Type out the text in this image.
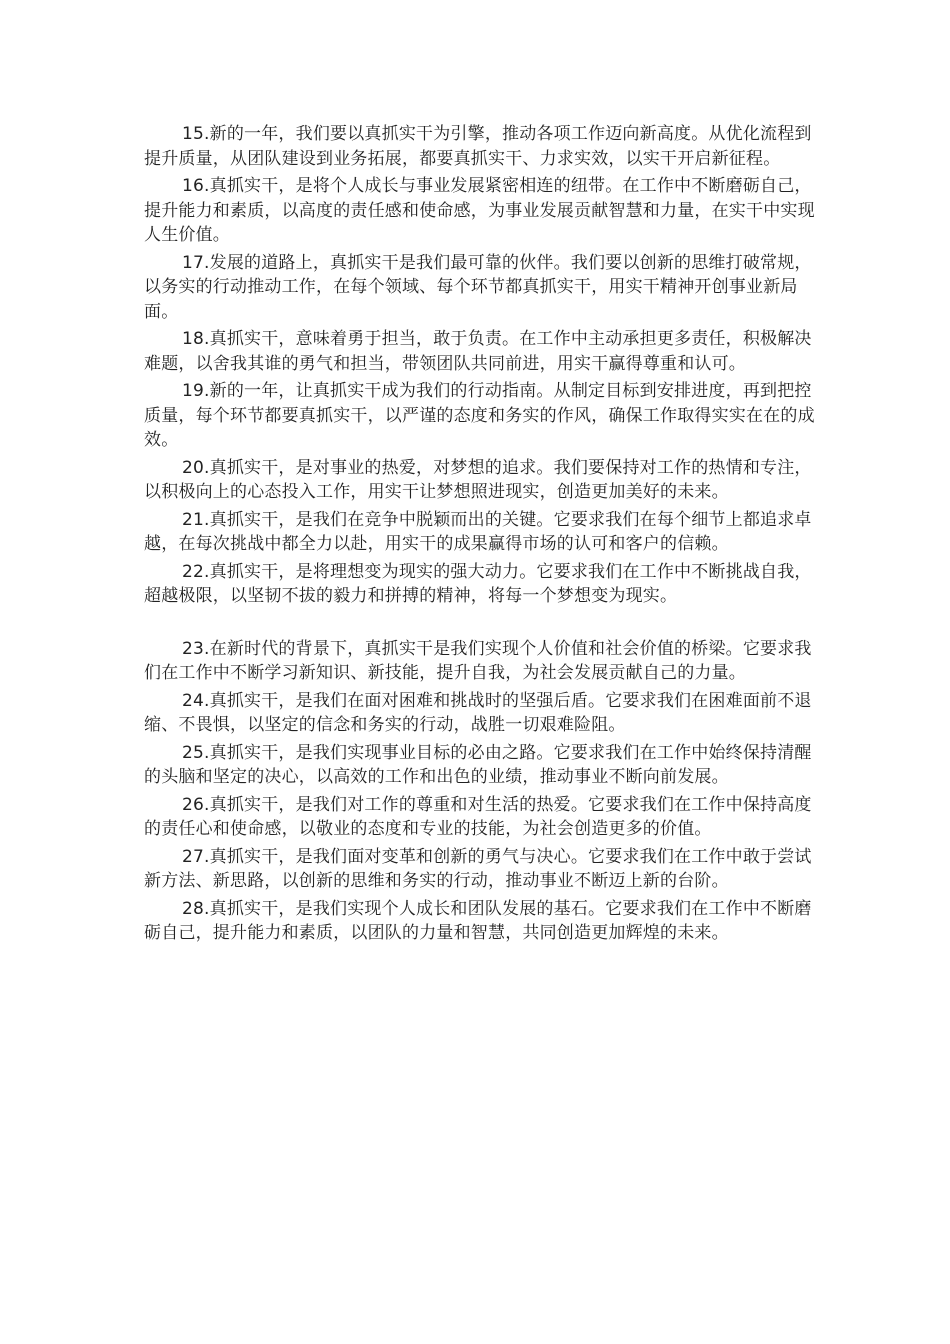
15.新的一年，我们要以真抓实干为引擎，推动各项工作迈向新高度。从优化流程到提升质量，从团队建设到业务拓展，都要真抓实干、力求实效，以实干开启新征程。

16.真抓实干，是将个人成长与事业发展紧密相连的纽带。在工作中不断磨砺自己，提升能力和素质，以高度的责任感和使命感，为事业发展贡献智慧和力量，在实干中实现人生价值。

17.发展的道路上，真抓实干是我们最可靠的伙伴。我们要以创新的思维打破常规，以务实的行动推动工作，在每个领域、每个环节都真抓实干，用实干精神开创事业新局面。

18.真抓实干，意味着勇于担当，敢于负责。在工作中主动承担更多责任，积极解决难题，以舍我其谁的勇气和担当，带领团队共同前进，用实干赢得尊重和认可。

19.新的一年，让真抓实干成为我们的行动指南。从制定目标到安排进度，再到把控质量，每个环节都要真抓实干，以严谨的态度和务实的作风，确保工作取得实实在在的成效。

20.真抓实干，是对事业的热爱，对梦想的追求。我们要保持对工作的热情和专注，以积极向上的心态投入工作，用实干让梦想照进现实，创造更加美好的未来。

21.真抓实干，是我们在竞争中脱颖而出的关键。它要求我们在每个细节上都追求卓越，在每次挑战中都全力以赴，用实干的成果赢得市场的认可和客户的信赖。

22.真抓实干，是将理想变为现实的强大动力。它要求我们在工作中不断挑战自我，超越极限，以坚韧不拔的毅力和拼搏的精神，将每一个梦想变为现实。

23.在新时代的背景下，真抓实干是我们实现个人价值和社会价值的桥梁。它要求我们在工作中不断学习新知识、新技能，提升自我，为社会发展贡献自己的力量。

24.真抓实干，是我们在面对困难和挑战时的坚强后盾。它要求我们在困难面前不退缩、不畏惧，以坚定的信念和务实的行动，战胜一切艰难险阻。

25.真抓实干，是我们实现事业目标的必由之路。它要求我们在工作中始终保持清醒的头脑和坚定的决心，以高效的工作和出色的业绩，推动事业不断向前发展。

26.真抓实干，是我们对工作的尊重和对生活的热爱。它要求我们在工作中保持高度的责任心和使命感，以敬业的态度和专业的技能，为社会创造更多的价值。

27.真抓实干，是我们面对变革和创新的勇气与决心。它要求我们在工作中敢于尝试新方法、新思路，以创新的思维和务实的行动，推动事业不断迈上新的台阶。

28.真抓实干，是我们实现个人成长和团队发展的基石。它要求我们在工作中不断磨砺自己，提升能力和素质，以团队的力量和智慧，共同创造更加辉煌的未来。
